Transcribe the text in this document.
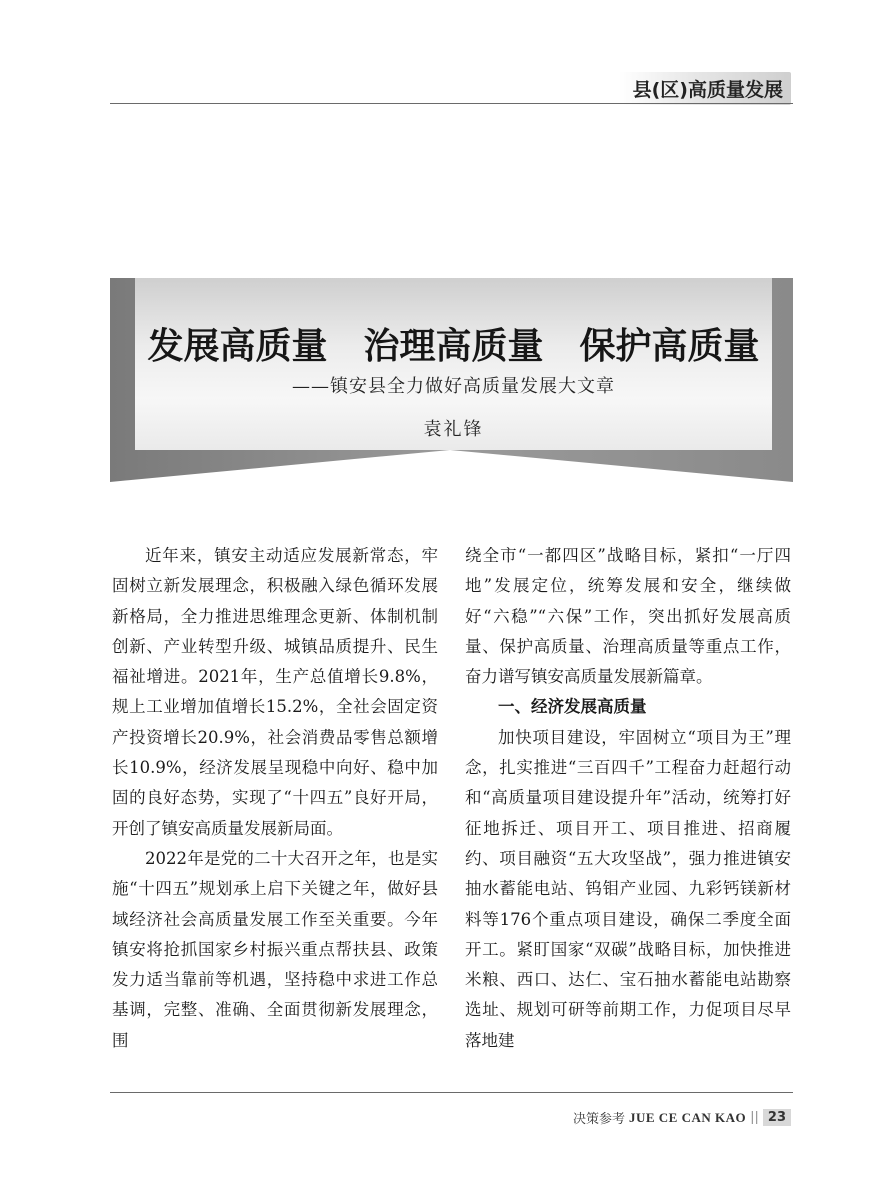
县(区)高质量发展
发展高质量　治理高质量　保护高质量
——镇安县全力做好高质量发展大文章
袁礼锋

近年来，镇安主动适应发展新常态，牢固树立新发展理念，积极融入绿色循环发展新格局，全力推进思维理念更新、体制机制创新、产业转型升级、城镇品质提升、民生福祉增进。2021年，生产总值增长9.8%，规上工业增加值增长15.2%，全社会固定资产投资增长20.9%，社会消费品零售总额增长10.9%，经济发展呈现稳中向好、稳中加固的良好态势，实现了“十四五”良好开局，开创了镇安高质量发展新局面。

2022年是党的二十大召开之年，也是实施“十四五”规划承上启下关键之年，做好县域经济社会高质量发展工作至关重要。今年镇安将抢抓国家乡村振兴重点帮扶县、政策发力适当靠前等机遇，坚持稳中求进工作总基调，完整、准确、全面贯彻新发展理念，围

绕全市“一都四区”战略目标，紧扣“一厅四地”发展定位，统筹发展和安全，继续做好“六稳”“六保”工作，突出抓好发展高质量、保护高质量、治理高质量等重点工作，奋力谱写镇安高质量发展新篇章。

一、经济发展高质量

加快项目建设，牢固树立“项目为王”理念，扎实推进“三百四千”工程奋力赶超行动和“高质量项目建设提升年”活动，统筹打好征地拆迁、项目开工、项目推进、招商履约、项目融资“五大攻坚战”，强力推进镇安抽水蓄能电站、钨钼产业园、九彩钙镁新材料等176个重点项目建设，确保二季度全面开工。紧盯国家“双碳”战略目标，加快推进米粮、西口、达仁、宝石抽水蓄能电站勘察选址、规划可研等前期工作，力促项目尽早落地建

决策参考 JUE CE CAN KAO || 23
